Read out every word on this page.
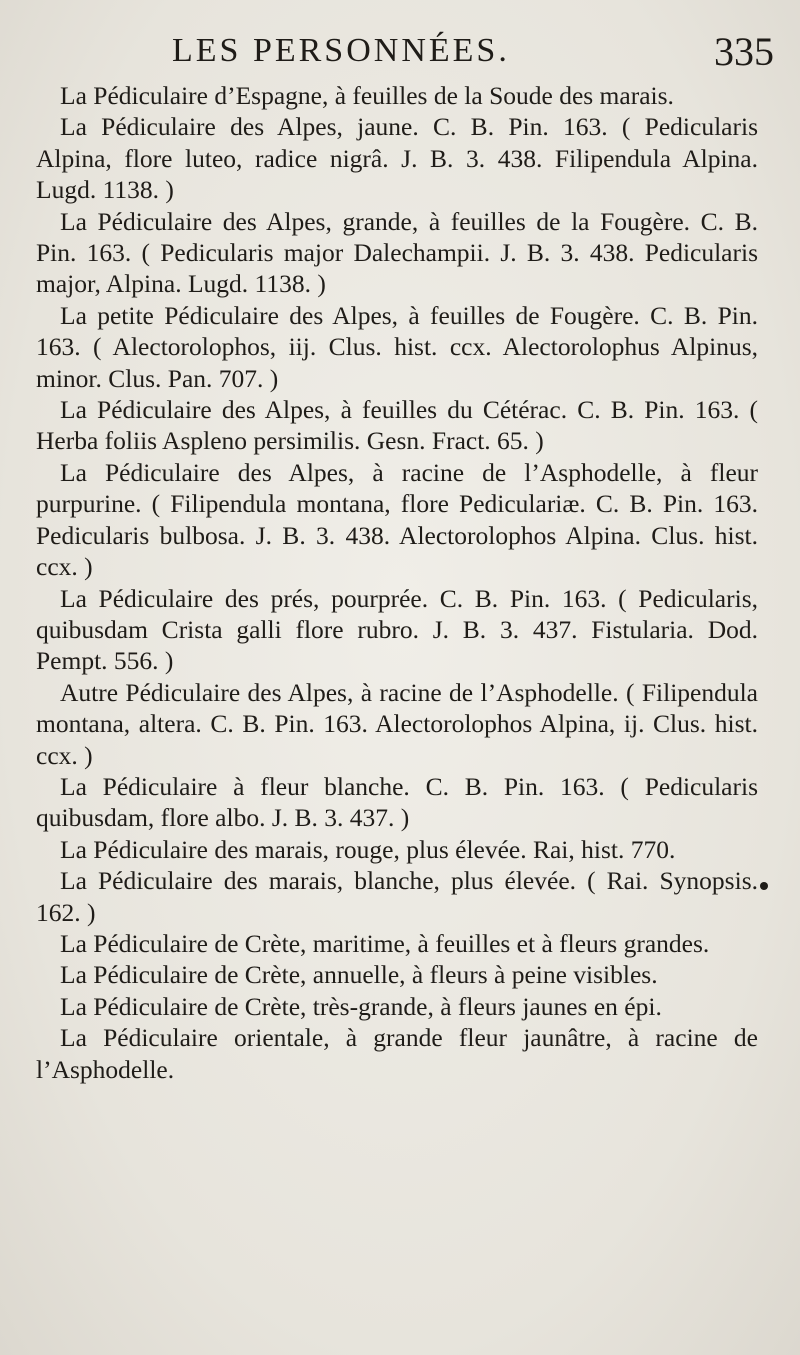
LES PERSONNÉES.	335

La Pédiculaire d’Espagne, à feuilles de la Soude des marais.

La Pédiculaire des Alpes, jaune. C. B. Pin. 163. ( Pedicularis Alpina, flore luteo, radice nigrâ. J. B. 3. 438. Filipendula Alpina. Lugd. 1138. )

La Pédiculaire des Alpes, grande, à feuilles de la Fougère. C. B. Pin. 163. ( Pedicularis major Dalechampii. J. B. 3. 438. Pedicularis major, Alpina. Lugd. 1138. )

La petite Pédiculaire des Alpes, à feuilles de Fougère. C. B. Pin. 163. ( Alectorolophos, iij. Clus. hist. ccx. Alectorolophus Alpinus, minor. Clus. Pan. 707. )

La Pédiculaire des Alpes, à feuilles du Cétérac. C. B. Pin. 163. ( Herba foliis Aspleno persimilis. Gesn. Fract. 65. )

La Pédiculaire des Alpes, à racine de l’Asphodelle, à fleur purpurine. ( Filipendula montana, flore Pediculariæ. C. B. Pin. 163. Pedicularis bulbosa. J. B. 3. 438. Alectorolophos Alpina. Clus. hist. ccx. )

La Pédiculaire des prés, pourprée. C. B. Pin. 163. ( Pedicularis, quibusdam Crista galli flore rubro. J. B. 3. 437. Fistularia. Dod. Pempt. 556. )

Autre Pédiculaire des Alpes, à racine de l’Asphodelle. ( Filipendula montana, altera. C. B. Pin. 163. Alectorolophos Alpina, ij. Clus. hist. ccx. )

La Pédiculaire à fleur blanche. C. B. Pin. 163. ( Pedicularis quibusdam, flore albo. J. B. 3. 437. )

La Pédiculaire des marais, rouge, plus élevée. Rai, hist. 770.

La Pédiculaire des marais, blanche, plus élevée. ( Rai. Synopsis. 162. )

La Pédiculaire de Crète, maritime, à feuilles et à fleurs grandes.

La Pédiculaire de Crète, annuelle, à fleurs à peine visibles.

La Pédiculaire de Crète, très-grande, à fleurs jaunes en épi.

La Pédiculaire orientale, à grande fleur jaunâtre, à racine de l’Asphodelle.
